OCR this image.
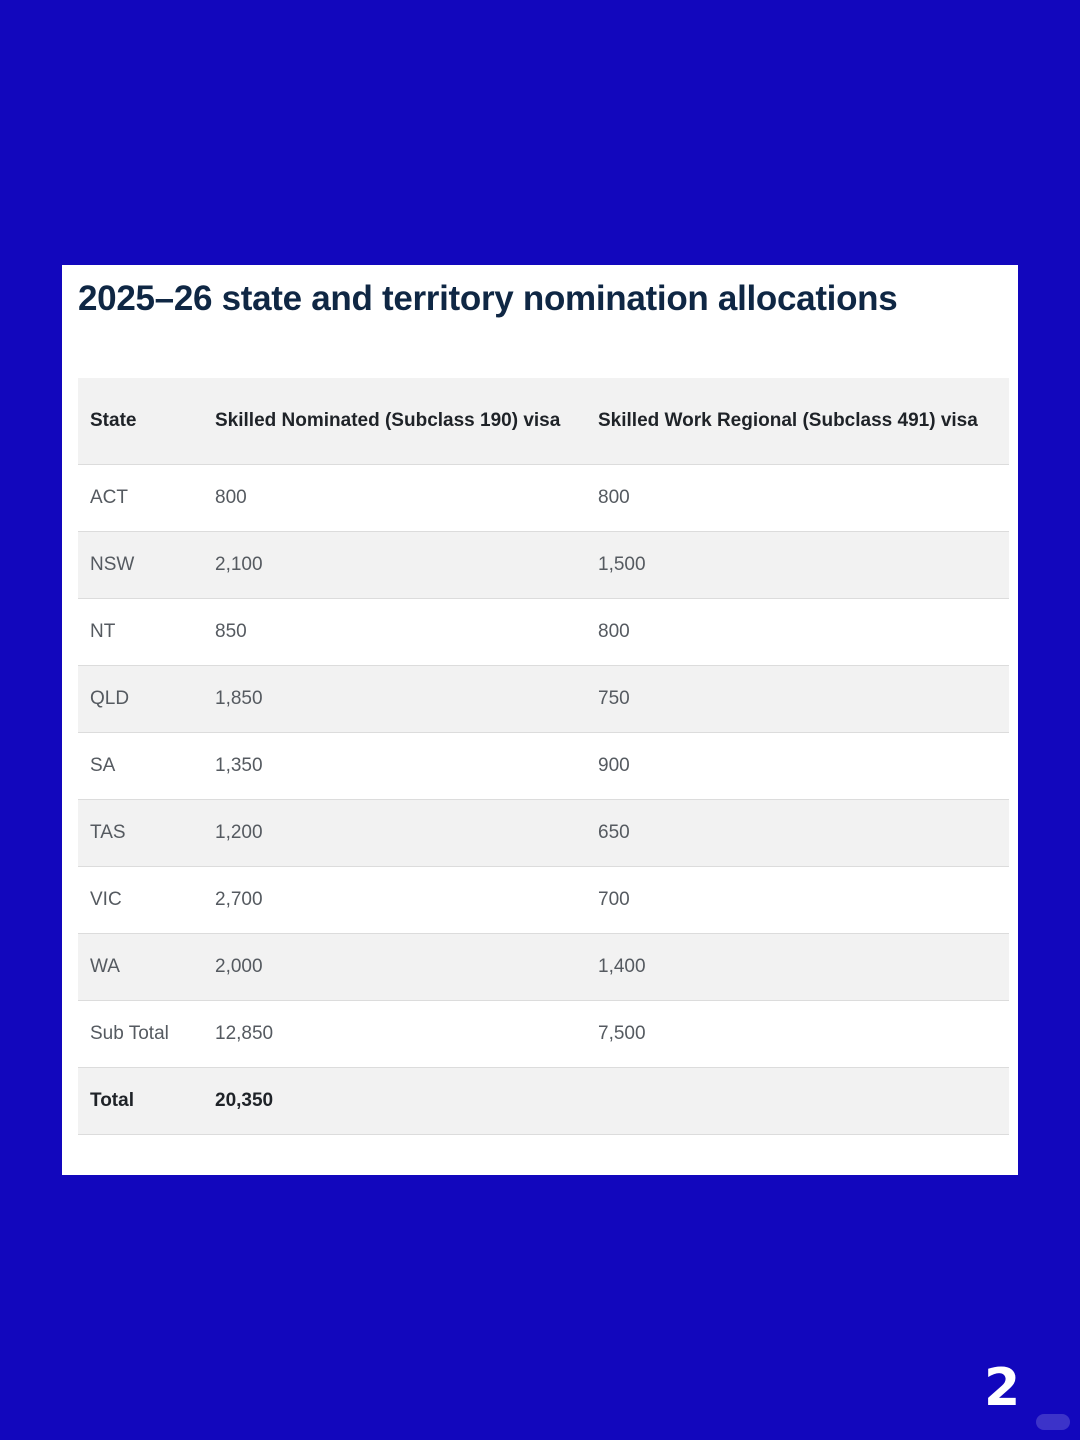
2025–26 state and territory nomination allocations
State	Skilled Nominated (Subclass 190) visa	Skilled Work Regional (Subclass 491) visa
ACT	800	800
NSW	2,100	1,500
NT	850	800
QLD	1,850	750
SA	1,350	900
TAS	1,200	650
VIC	2,700	700
WA	2,000	1,400
Sub Total	12,850	7,500
Total	20,350	
2
